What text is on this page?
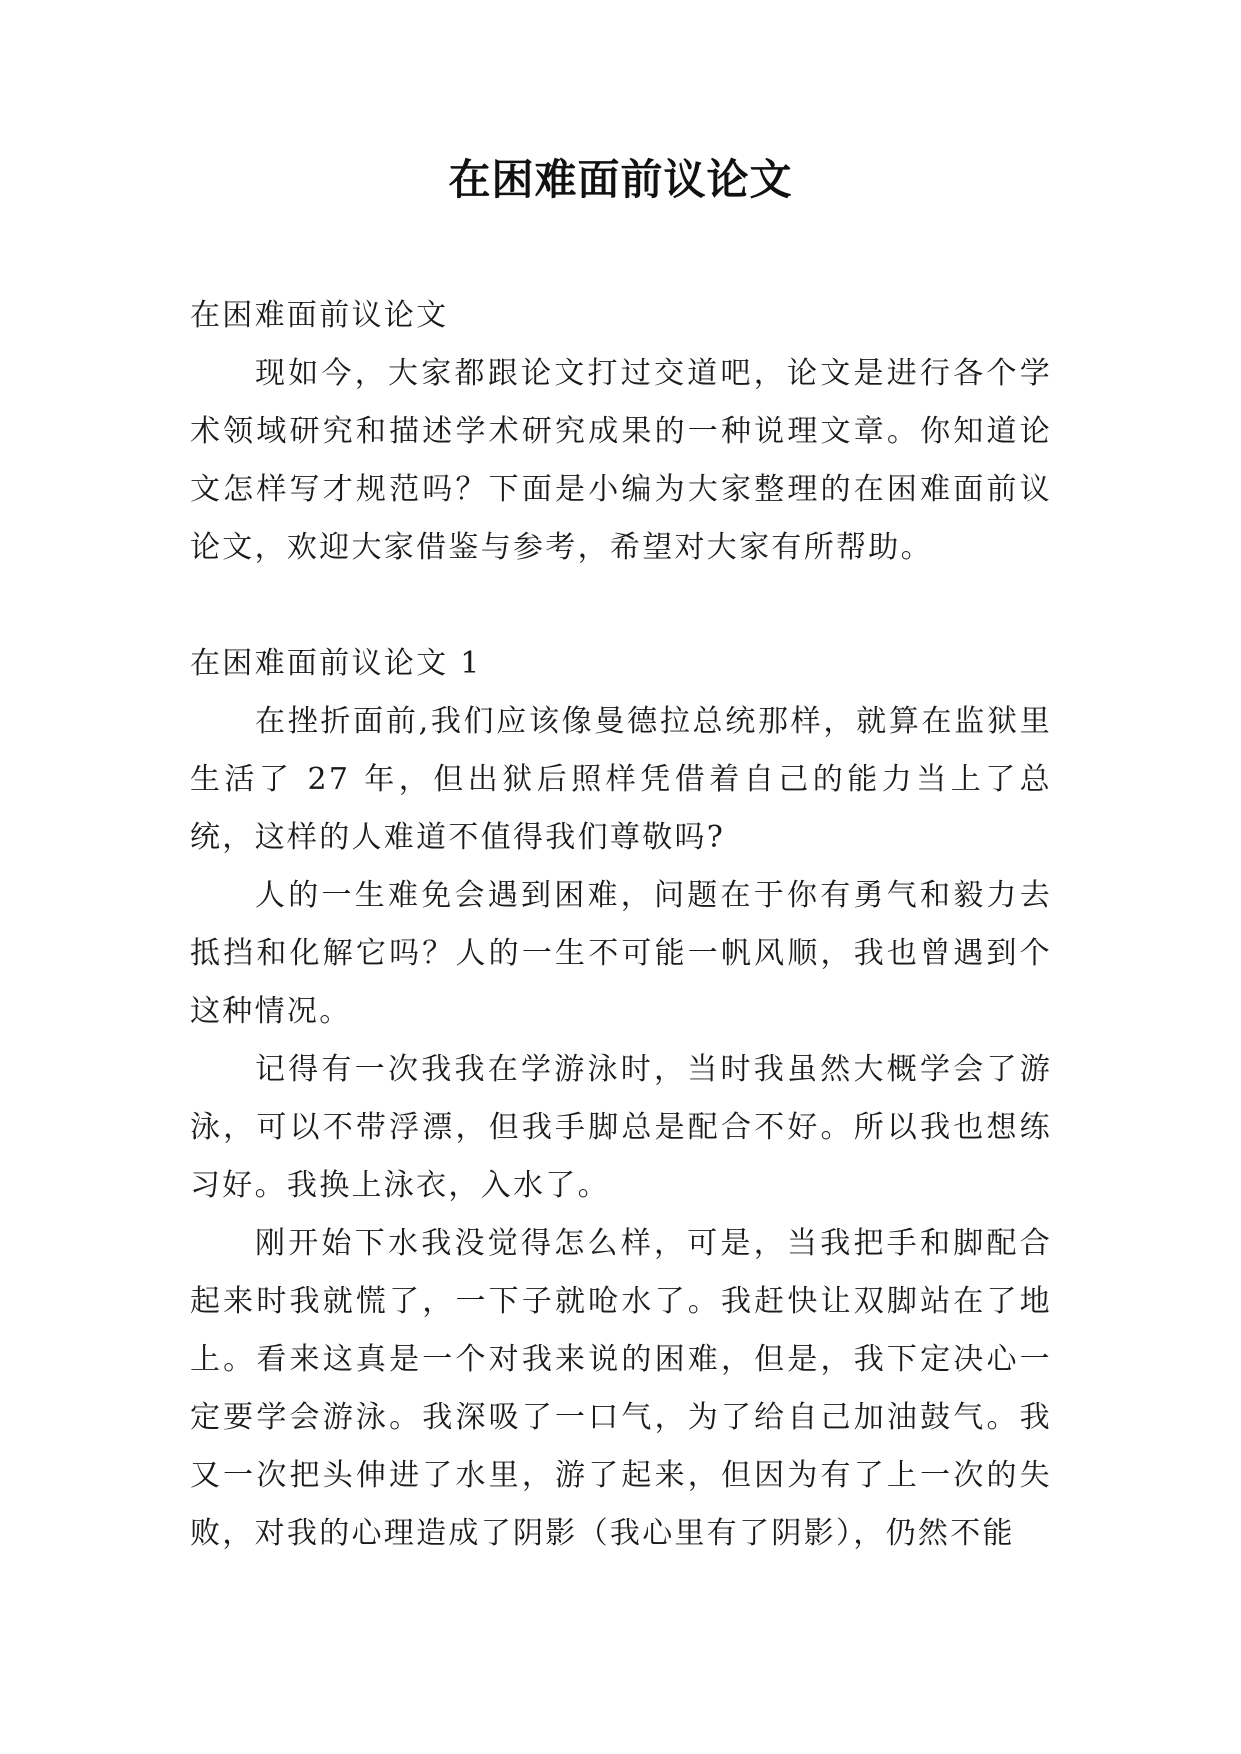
在困难面前议论文

在困难面前议论文

现如今，大家都跟论文打过交道吧，论文是进行各个学术领域研究和描述学术研究成果的一种说理文章。你知道论文怎样写才规范吗？下面是小编为大家整理的在困难面前议论文，欢迎大家借鉴与参考，希望对大家有所帮助。

在困难面前议论文 1

在挫折面前,我们应该像曼德拉总统那样，就算在监狱里生活了 27 年，但出狱后照样凭借着自己的能力当上了总统，这样的人难道不值得我们尊敬吗?

人的一生难免会遇到困难，问题在于你有勇气和毅力去抵挡和化解它吗？人的一生不可能一帆风顺，我也曾遇到个这种情况。

记得有一次我我在学游泳时，当时我虽然大概学会了游泳，可以不带浮漂，但我手脚总是配合不好。所以我也想练习好。我换上泳衣，入水了。

刚开始下水我没觉得怎么样，可是，当我把手和脚配合起来时我就慌了，一下子就呛水了。我赶快让双脚站在了地上。看来这真是一个对我来说的困难，但是，我下定决心一定要学会游泳。我深吸了一口气，为了给自己加油鼓气。我又一次把头伸进了水里，游了起来，但因为有了上一次的失败，对我的心理造成了阴影（我心里有了阴影），仍然不能
